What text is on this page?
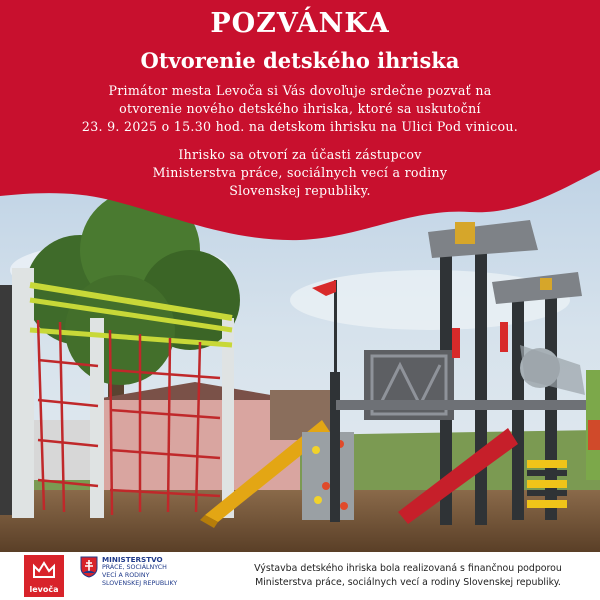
POZVÁNKA
Otvorenie detského ihriska

Primátor mesta Levoča si Vás dovoľuje srdečne pozvať na
otvorenie nového detského ihriska, ktoré sa uskutoční
23. 9. 2025 o 15.30 hod. na detskom ihrisku na Ulici Pod vinicou.

Ihrisko sa otvorí za účasti zástupcov
Ministerstva práce, sociálnych vecí a rodiny
Slovenskej republiky.

levoča
MINISTERSTVO
PRÁCE, SOCIÁLNYCH
VECÍ A RODINY
SLOVENSKEJ REPUBLIKY
Výstavba detského ihriska bola realizovaná s finančnou podporou
Ministerstva práce, sociálnych vecí a rodiny Slovenskej republiky.
